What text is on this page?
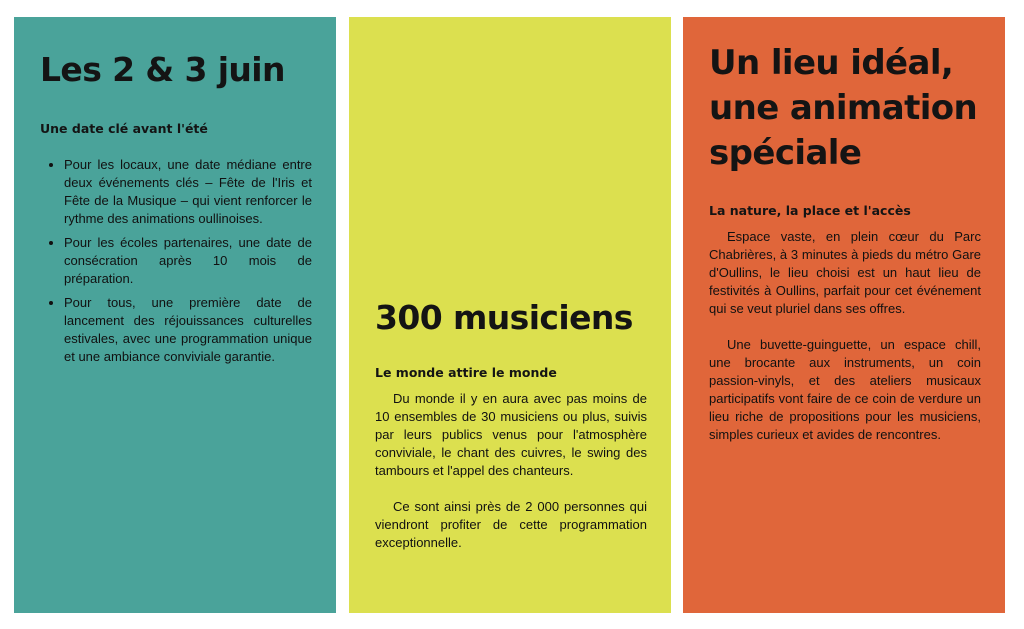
Les 2 & 3 juin

Une date clé avant l'été

• Pour les locaux, une date médiane entre deux événements clés – Fête de l'Iris et Fête de la Musique – qui vient renforcer le rythme des animations oullinoises.
• Pour les écoles partenaires, une date de consécration après 10 mois de préparation.
• Pour tous, une première date de lancement des réjouissances culturelles estivales, avec une programmation unique et une ambiance conviviale garantie.
300 musiciens

Le monde attire le monde

Du monde il y en aura avec pas moins de 10 ensembles de 30 musiciens ou plus, suivis par leurs publics venus pour l'atmosphère conviviale, le chant des cuivres, le swing des tambours et l'appel des chanteurs.

Ce sont ainsi près de 2 000 personnes qui viendront profiter de cette programmation exceptionnelle.

Un lieu idéal,
une animation
spéciale

La nature, la place et l'accès

Espace vaste, en plein cœur du Parc Chabrières, à 3 minutes à pieds du métro Gare d'Oullins, le lieu choisi est un haut lieu de festivités à Oullins, parfait pour cet événement qui se veut pluriel dans ses offres.

Une buvette-guinguette, un espace chill, une brocante aux instruments, un coin passion-vinyls, et des ateliers musicaux participatifs vont faire de ce coin de verdure un lieu riche de propositions pour les musiciens, simples curieux et avides de rencontres.
